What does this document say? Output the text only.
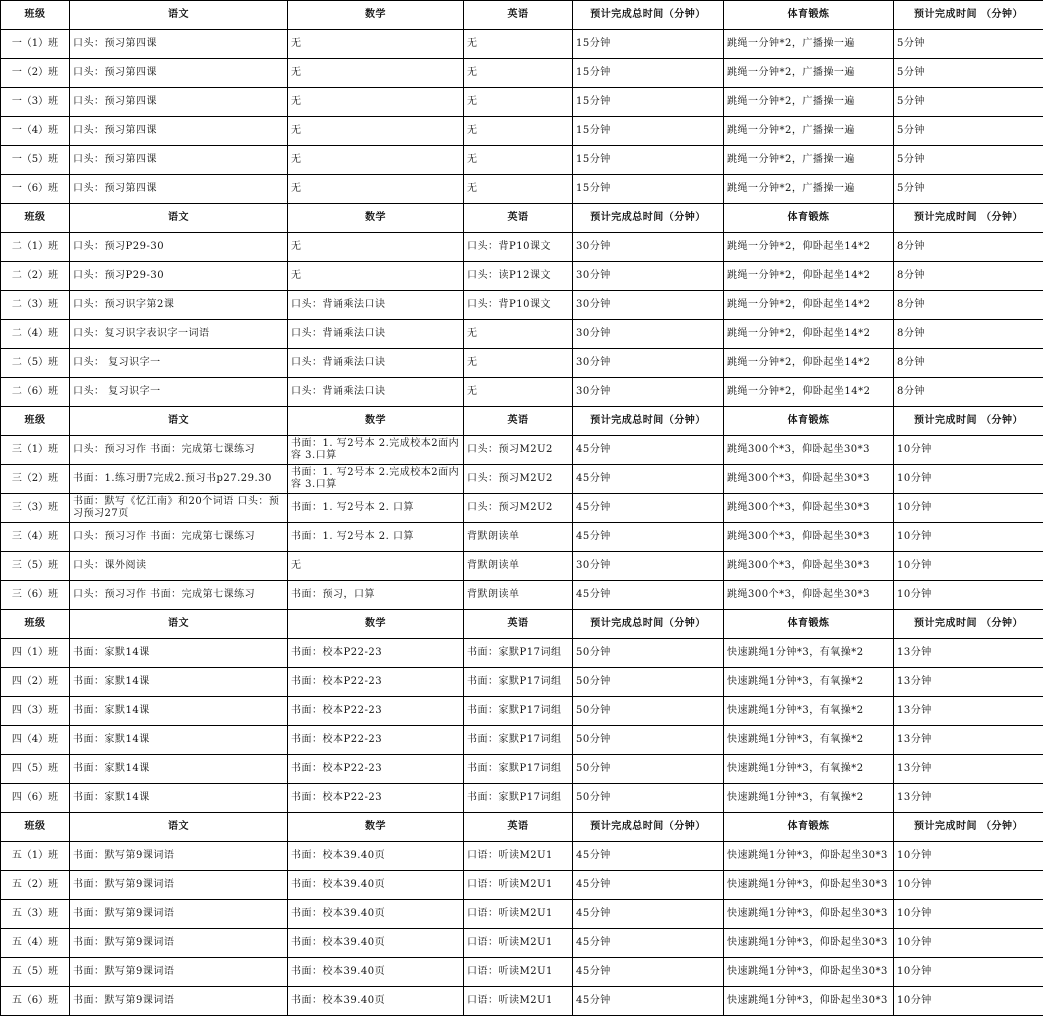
班级	语文	数学	英语	预计完成总时间（分钟）	体育锻炼	预计完成时间 （分钟）
一（1）班	口头：预习第四课	无	无	15分钟	跳绳一分钟*2，广播操一遍	5分钟
一（2）班	口头：预习第四课	无	无	15分钟	跳绳一分钟*2，广播操一遍	5分钟
一（3）班	口头：预习第四课	无	无	15分钟	跳绳一分钟*2，广播操一遍	5分钟
一（4）班	口头：预习第四课	无	无	15分钟	跳绳一分钟*2，广播操一遍	5分钟
一（5）班	口头：预习第四课	无	无	15分钟	跳绳一分钟*2，广播操一遍	5分钟
一（6）班	口头：预习第四课	无	无	15分钟	跳绳一分钟*2，广播操一遍	5分钟
班级	语文	数学	英语	预计完成总时间（分钟）	体育锻炼	预计完成时间 （分钟）
二（1）班	口头：预习P29-30	无	口头：背P10课文	30分钟	跳绳一分钟*2，仰卧起坐14*2	8分钟
二（2）班	口头：预习P29-30	无	口头：读P12课文	30分钟	跳绳一分钟*2，仰卧起坐14*2	8分钟
二（3）班	口头：预习识字第2课	口头：背诵乘法口诀	口头：背P10课文	30分钟	跳绳一分钟*2，仰卧起坐14*2	8分钟
二（4）班	口头：复习识字表识字一词语	口头：背诵乘法口诀	无	30分钟	跳绳一分钟*2，仰卧起坐14*2	8分钟
二（5）班	口头： 复习识字一	口头：背诵乘法口诀	无	30分钟	跳绳一分钟*2，仰卧起坐14*2	8分钟
二（6）班	口头： 复习识字一	口头：背诵乘法口诀	无	30分钟	跳绳一分钟*2，仰卧起坐14*2	8分钟
班级	语文	数学	英语	预计完成总时间（分钟）	体育锻炼	预计完成时间 （分钟）
三（1）班	口头：预习习作 书面：完成第七课练习	书面：1. 写2号本 2.完成校本2面内容 3.口算	口头：预习M2U2	45分钟	跳绳300个*3，仰卧起坐30*3	10分钟
三（2）班	书面：1.练习册7完成2.预习书p27.29.30	书面：1. 写2号本 2.完成校本2面内容 3.口算	口头：预习M2U2	45分钟	跳绳300个*3，仰卧起坐30*3	10分钟
三（3）班	书面：默写《忆江南》和20个词语 口头：预习预习27页	书面：1. 写2号本 2. 口算	口头：预习M2U2	45分钟	跳绳300个*3，仰卧起坐30*3	10分钟
三（4）班	口头：预习习作 书面：完成第七课练习	书面：1. 写2号本 2. 口算	背默朗读单	45分钟	跳绳300个*3，仰卧起坐30*3	10分钟
三（5）班	口头：课外阅读	无	背默朗读单	30分钟	跳绳300个*3，仰卧起坐30*3	10分钟
三（6）班	口头：预习习作 书面：完成第七课练习	书面：预习，口算	背默朗读单	45分钟	跳绳300个*3，仰卧起坐30*3	10分钟
班级	语文	数学	英语	预计完成总时间（分钟）	体育锻炼	预计完成时间 （分钟）
四（1）班	书面：家默14课	书面：校本P22-23	书面：家默P17词组	50分钟	快速跳绳1分钟*3，有氧操*2	13分钟
四（2）班	书面：家默14课	书面：校本P22-23	书面：家默P17词组	50分钟	快速跳绳1分钟*3，有氧操*2	13分钟
四（3）班	书面：家默14课	书面：校本P22-23	书面：家默P17词组	50分钟	快速跳绳1分钟*3，有氧操*2	13分钟
四（4）班	书面：家默14课	书面：校本P22-23	书面：家默P17词组	50分钟	快速跳绳1分钟*3，有氧操*2	13分钟
四（5）班	书面：家默14课	书面：校本P22-23	书面：家默P17词组	50分钟	快速跳绳1分钟*3，有氧操*2	13分钟
四（6）班	书面：家默14课	书面：校本P22-23	书面：家默P17词组	50分钟	快速跳绳1分钟*3，有氧操*2	13分钟
班级	语文	数学	英语	预计完成总时间（分钟）	体育锻炼	预计完成时间 （分钟）
五（1）班	书面：默写第9课词语	书面：校本39.40页	口语：听读M2U1	45分钟	快速跳绳1分钟*3，仰卧起坐30*3	10分钟
五（2）班	书面：默写第9课词语	书面：校本39.40页	口语：听读M2U1	45分钟	快速跳绳1分钟*3，仰卧起坐30*3	10分钟
五（3）班	书面：默写第9课词语	书面：校本39.40页	口语：听读M2U1	45分钟	快速跳绳1分钟*3，仰卧起坐30*3	10分钟
五（4）班	书面：默写第9课词语	书面：校本39.40页	口语：听读M2U1	45分钟	快速跳绳1分钟*3，仰卧起坐30*3	10分钟
五（5）班	书面：默写第9课词语	书面：校本39.40页	口语：听读M2U1	45分钟	快速跳绳1分钟*3，仰卧起坐30*3	10分钟
五（6）班	书面：默写第9课词语	书面：校本39.40页	口语：听读M2U1	45分钟	快速跳绳1分钟*3，仰卧起坐30*3	10分钟
